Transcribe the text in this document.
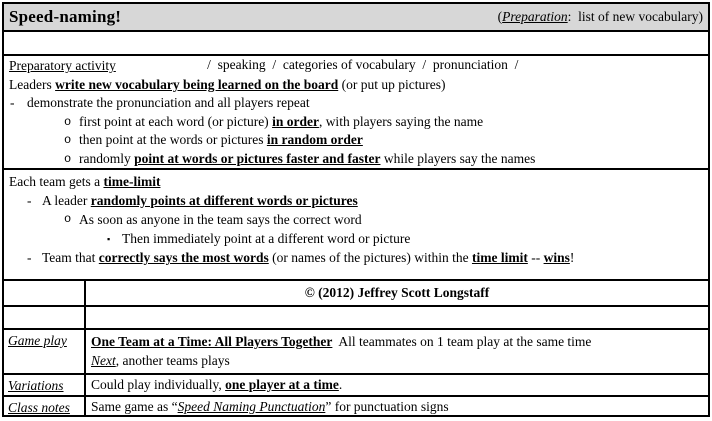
Speed-naming!	(Preparation:  list of new vocabulary)

/  speaking  /  categories of vocabulary  /  pronunciation  /

Preparatory activity
Leaders write new vocabulary being learned on the board (or put up pictures)
- demonstrate the pronunciation and all players repeat
o first point at each word (or picture) in order, with players saying the name
o then point at the words or pictures in random order
o randomly point at words or pictures faster and faster while players say the names
Each team gets a time-limit
- A leader randomly points at different words or pictures
o As soon as anyone in the team says the correct word
▪ Then immediately point at a different word or picture
- Team that correctly says the most words (or names of the pictures) within the time limit -- wins!
© (2012) Jeffrey Scott Longstaff
Game play	One Team at a Time: All Players Together  All teammates on 1 team play at the same time
Next, another teams plays
Variations	Could play individually, one player at a time.
Class notes	Same game as “Speed Naming Punctuation” for punctuation signs
